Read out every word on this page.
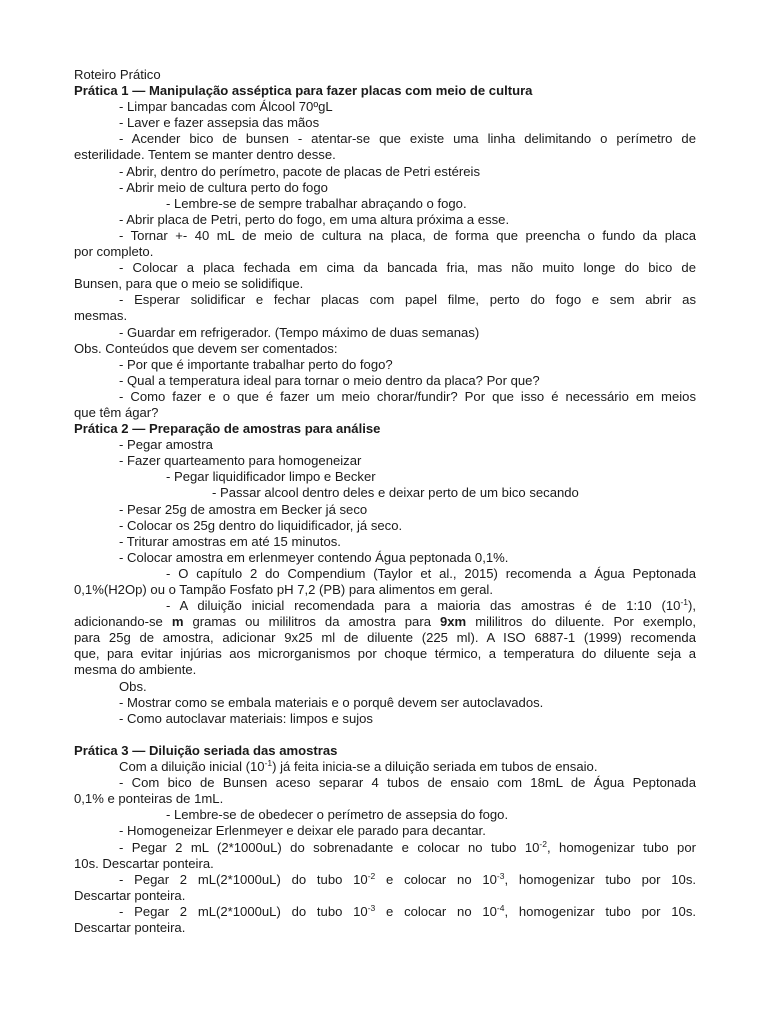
Roteiro Prático
Prática 1 — Manipulação asséptica para fazer placas com meio de cultura
- Limpar bancadas com Álcool 70ºgL
- Laver e fazer assepsia das mãos
- Acender bico de bunsen - atentar-se que existe uma linha delimitando o perímetro de
esterilidade. Tentem se manter dentro desse.
- Abrir, dentro do perímetro, pacote de placas de Petri estéreis
- Abrir meio de cultura perto do fogo
- Lembre-se de sempre trabalhar abraçando o fogo.
- Abrir placa de Petri, perto do fogo, em uma altura próxima a esse.
- Tornar +- 40 mL de meio de cultura na placa, de forma que preencha o fundo da placa
por completo.
- Colocar a placa fechada em cima da bancada fria, mas não muito longe do bico de
Bunsen, para que o meio se solidifique.
- Esperar solidificar e fechar placas com papel filme, perto do fogo e sem abrir as
mesmas.
- Guardar em refrigerador. (Tempo máximo de duas semanas)
Obs. Conteúdos que devem ser comentados:
- Por que é importante trabalhar perto do fogo?
- Qual a temperatura ideal para tornar o meio dentro da placa? Por que?
- Como fazer e o que é fazer um meio chorar/fundir? Por que isso é necessário em meios
que têm ágar?
Prática 2 — Preparação de amostras para análise
- Pegar amostra
- Fazer quarteamento para homogeneizar
- Pegar liquidificador limpo e Becker
- Passar alcool dentro deles e deixar perto de um bico secando
- Pesar 25g de amostra em Becker já seco
- Colocar os 25g dentro do liquidificador, já seco.
- Triturar amostras em até 15 minutos.
- Colocar amostra em erlenmeyer contendo Água peptonada 0,1%.
- O capítulo 2 do Compendium (Taylor et al., 2015) recomenda a Água Peptonada
0,1%(H2Op) ou o Tampão Fosfato pH 7,2 (PB) para alimentos em geral.
- A diluição inicial recomendada para a maioria das amostras é de 1:10 $(10^{-1})$,
adicionando-se m gramas ou mililitros da amostra para 9xm mililitros do diluente. Por exemplo,
para 25g de amostra, adicionar 9x25 ml de diluente (225 ml). A ISO 6887-1 (1999) recomenda
que, para evitar injúrias aos microrganismos por choque térmico, a temperatura do diluente seja a
mesma do ambiente.
Obs.
- Mostrar como se embala materiais e o porquê devem ser autoclavados.
- Como autoclavar materiais: limpos e sujos
Prática 3 — Diluição seriada das amostras
Com a diluição inicial $(10^{-1})$ já feita inicia-se a diluição seriada em tubos de ensaio.
- Com bico de Bunsen aceso separar 4 tubos de ensaio com 18mL de Água Peptonada
0,1% e ponteiras de 1mL.
- Lembre-se de obedecer o perímetro de assepsia do fogo.
- Homogeneizar Erlenmeyer e deixar ele parado para decantar.
- Pegar 2 mL (2*1000uL) do sobrenadante e colocar no tubo $10^{-2}$, homogenizar tubo por
10s. Descartar ponteira.
- Pegar 2 mL(2*1000uL) do tubo $10^{-2}$ e colocar no $10^{-3}$, homogenizar tubo por 10s.
Descartar ponteira.
- Pegar 2 mL(2*1000uL) do tubo $10^{-3}$ e colocar no $10^{-4}$, homogenizar tubo por 10s.
Descartar ponteira.
